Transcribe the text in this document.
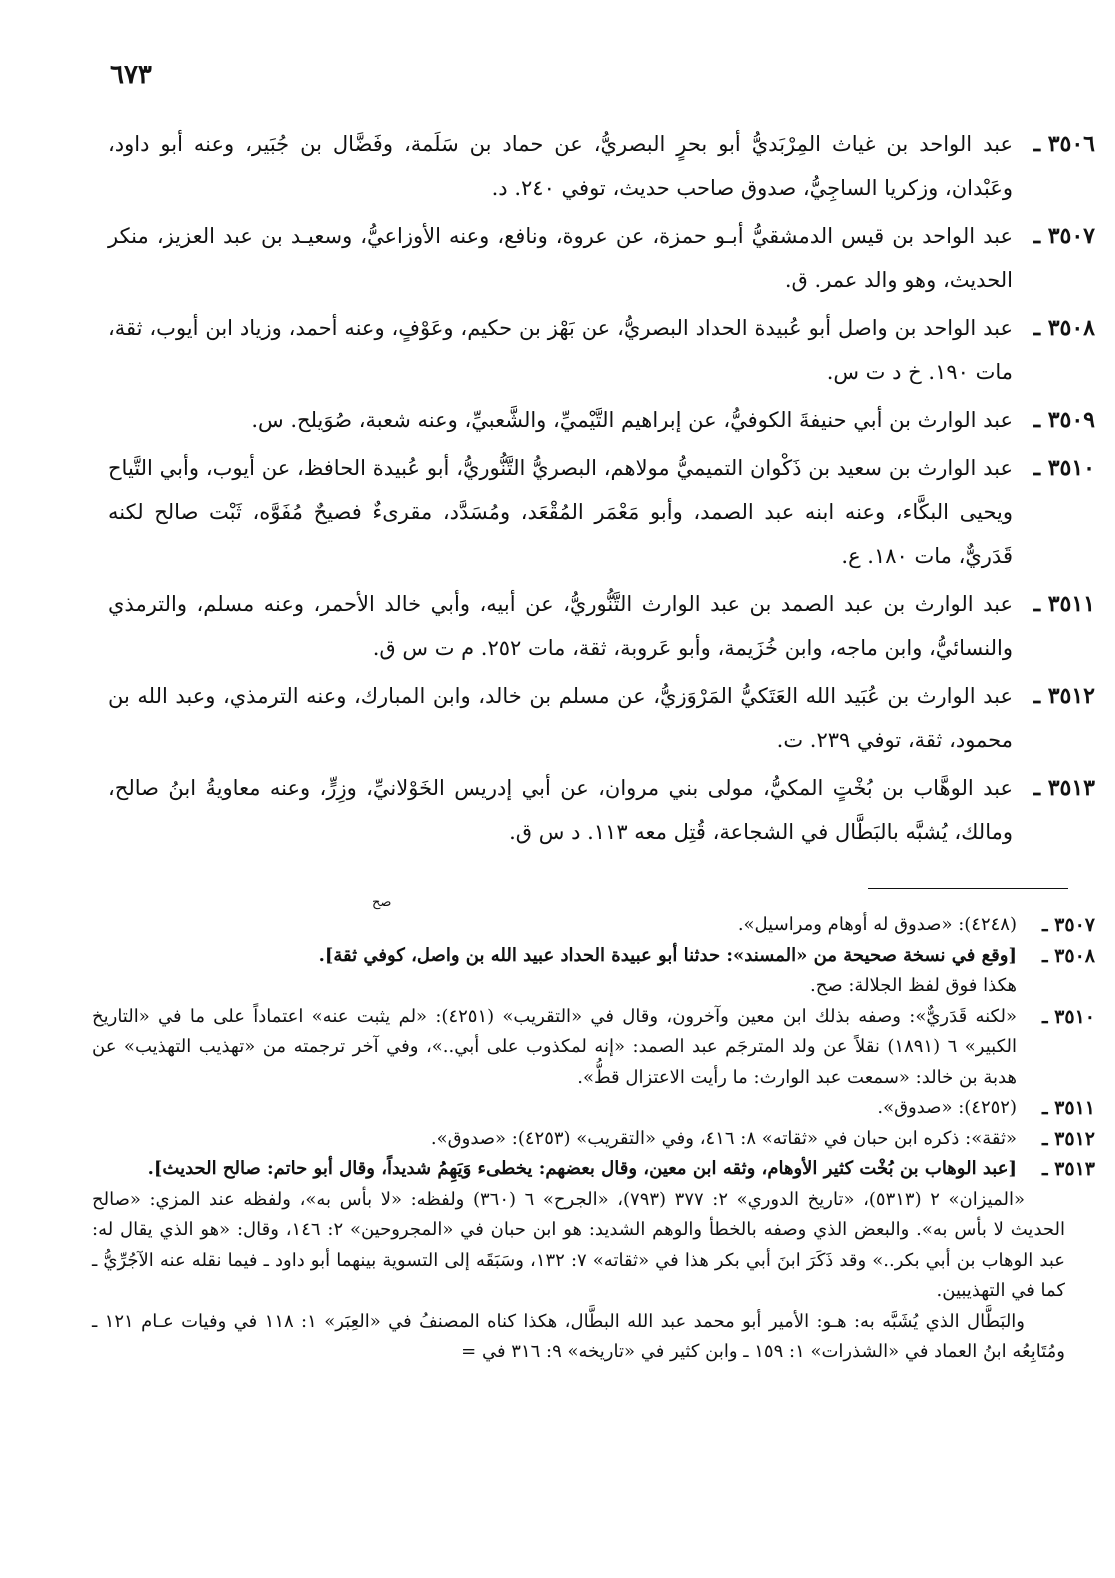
٦٧٣
٣٥٠٦ ـ
عبد الواحد بن غياث المِرْبَديُّ أبو بحرٍ البصريُّ، عن حماد بن سَلَمة، وفَضَّال بن جُبَير، وعنه أبو داود، وعَبْدان، وزكريا الساجِيُّ، صدوق صاحب حديث، توفي ٢٤٠. د.
٣٥٠٧ ـ
عبد الواحد بن قيس الدمشقيُّ أبـو حمزة، عن عروة، ونافع، وعنه الأوزاعيُّ، وسعيـد بن عبد العزيز، منكر الحديث، وهو والد عمر. ق.
٣٥٠٨ ـ
عبد الواحد بن واصل أبو عُبيدة الحداد البصريُّ، عن بَهْز بن حكيم، وعَوْفٍ، وعنه أحمد، وزياد ابن أيوب، ثقة، مات ١٩٠. خ د ت س.
٣٥٠٩ ـ
عبد الوارث بن أبي حنيفةَ الكوفيُّ، عن إبراهيم التَّيْميِّ، والشَّعبيِّ، وعنه شعبة، صُوَيلح. س.
٣٥١٠ ـ
عبد الوارث بن سعيد بن ذَكْوان التميميُّ مولاهم، البصريُّ التَّنُّوريُّ، أبو عُبيدة الحافظ، عن أيوب، وأبي التَّياح ويحيى البكَّاء، وعنه ابنه عبد الصمد، وأبو مَعْمَر المُقْعَد، ومُسَدَّد، مقرىءٌ فصيحٌ مُفَوَّه، ثَبْت صالح لكنه قَدَريٌّ، مات ١٨٠. ع.
٣٥١١ ـ
عبد الوارث بن عبد الصمد بن عبد الوارث التَّنُّوريُّ، عن أبيه، وأبي خالد الأحمر، وعنه مسلم، والترمذي والنسائيُّ، وابن ماجه، وابن خُزَيمة، وأبو عَروبة، ثقة، مات ٢٥٢. م ت س ق.
٣٥١٢ ـ
عبد الوارث بن عُبَيد الله العَتَكيُّ المَرْوَزيُّ، عن مسلم بن خالد، وابن المبارك، وعنه الترمذي، وعبد الله بن محمود، ثقة، توفي ٢٣٩. ت.
٣٥١٣ ـ
عبد الوهَّاب بن بُخْتٍ المكيُّ، مولى بني مروان، عن أبي إدريس الخَوْلانيِّ، وزِرٍّ، وعنه معاويةُ ابنُ صالح، ومالك، يُشبَّه بالبَطَّال في الشجاعة، قُتِل معه ١١٣. د س ق.
صح
٣٥٠٧ ـ
(٤٢٤٨): «صدوق له أوهام ومراسيل».
٣٥٠٨ ـ
[وقع في نسخة صحيحة من «المسند»: حدثنا أبو عبيدة الحداد عبيد الله بن واصل، كوفي ثقة].
هكذا فوق لفظ الجلالة: صح.
٣٥١٠ ـ
«لكنه قَدَريٌّ»: وصفه بذلك ابن معين وآخرون، وقال في «التقريب» (٤٢٥١): «لم يثبت عنه» اعتماداً على ما في «التاريخ الكبير» ٦ (١٨٩١) نقلاً عن ولد المترجَم عبد الصمد: «إنه لمكذوب على أبي..»، وفي آخر ترجمته من «تهذيب التهذيب» عن هدبة بن خالد: «سمعت عبد الوارث: ما رأيت الاعتزال قطُّ».
٣٥١١ ـ
(٤٢٥٢): «صدوق».
٣٥١٢ ـ
«ثقة»: ذكره ابن حبان في «ثقاته» ٨: ٤١٦، وفي «التقريب» (٤٢٥٣): «صدوق».
٣٥١٣ ـ
[عبد الوهاب بن بُخْت كثير الأوهام، وثقه ابن معين، وقال بعضهم: يخطىء وَيَهِمُ شديداً، وقال أبو حاتم: صالح الحديث].
«الميزان» ٢ (٥٣١٣)، «تاريخ الدوري» ٢: ٣٧٧ (٧٩٣)، «الجرح» ٦ (٣٦٠) ولفظه: «لا بأس به»، ولفظه عند المزي: «صالح الحديث لا بأس به». والبعض الذي وصفه بالخطأ والوهم الشديد: هو ابن حبان في «المجروحين» ٢: ١٤٦، وقال: «هو الذي يقال له: عبد الوهاب بن أبي بكر..» وقد ذَكَرَ ابنَ أبي بكر هذا في «ثقاته» ٧: ١٣٢، وسَبَقَه إلى التسوية بينهما أبو داود ـ فيما نقله عنه الآجُرِّيُّ ـ كما في التهذيبين.
والبَطَّال الذي يُشَبَّه به: هـو: الأمير أبو محمد عبد الله البطَّال، هكذا كناه المصنفُ في «العِبَر» ١: ١١٨ في وفيات عـام ١٢١ ـ ومُتَابِعُه ابنُ العماد في «الشذرات» ١: ١٥٩ ـ وابن كثير في «تاريخه» ٩: ٣١٦ في =
